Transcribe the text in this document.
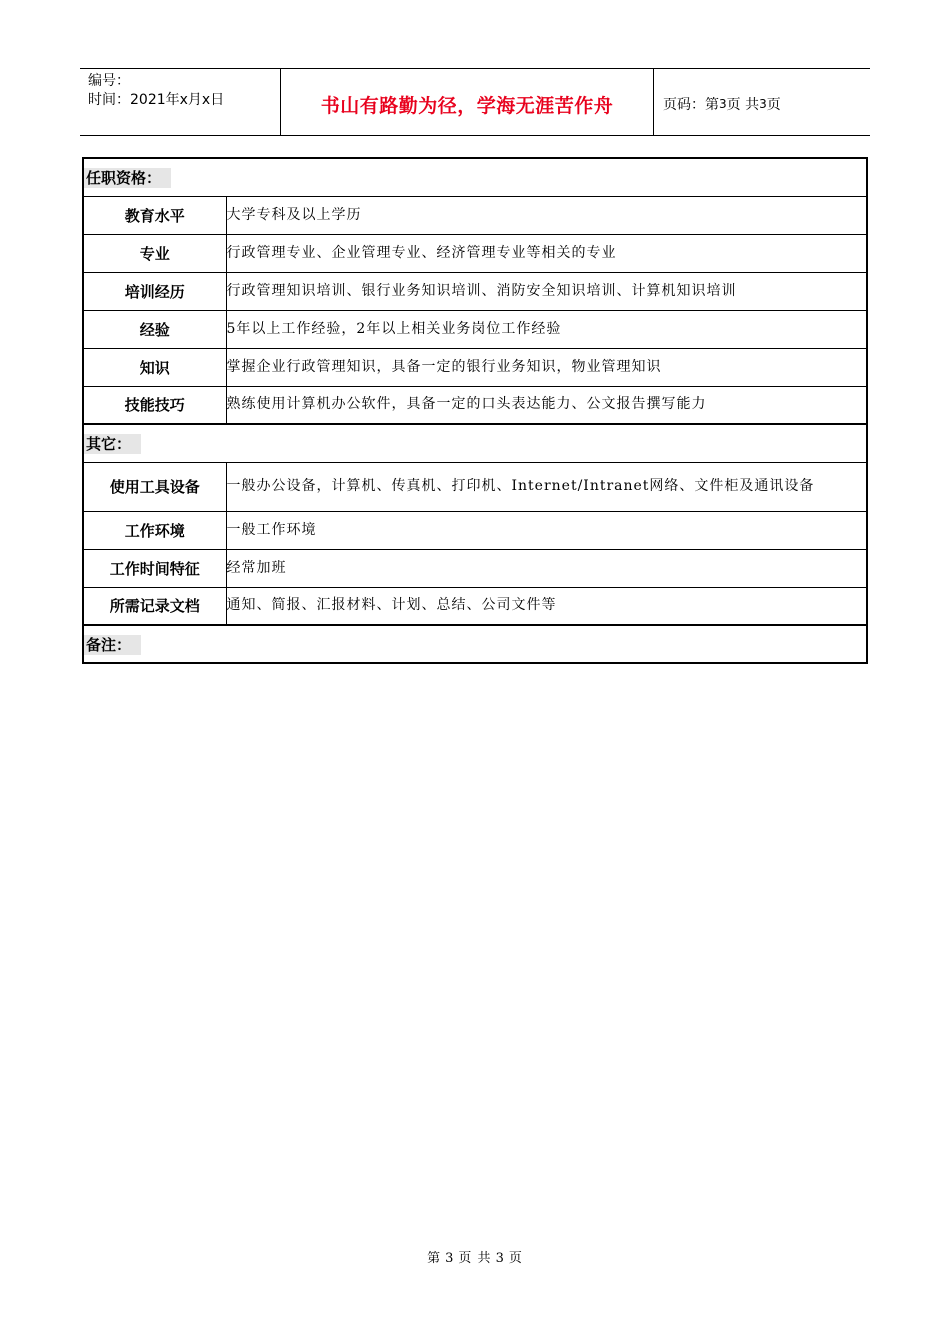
编号：
时间：2021年x月x日	书山有路勤为径，学海无涯苦作舟	页码：第 3 页 共 3 页
任职资格：	
教育水平	大学专科及以上学历
专业	行政管理专业、企业管理专业、经济管理专业等相关的专业
培训经历	行政管理知识培训、银行业务知识培训、消防安全知识培训、计算机知识培训
经验	5年以上工作经验，2年以上相关业务岗位工作经验
知识	掌握企业行政管理知识，具备一定的银行业务知识，物业管理知识
技能技巧	熟练使用计算机办公软件，具备一定的口头表达能力、公文报告撰写能力
其它：	
使用工具设备	一般办公设备，计算机、传真机、打印机、Internet/Intranet网络、文件柜及通讯设备
工作环境	一般工作环境
工作时间特征	经常加班
所需记录文档	通知、简报、汇报材料、计划、总结、公司文件等
备注：	
第 3 页 共 3 页
